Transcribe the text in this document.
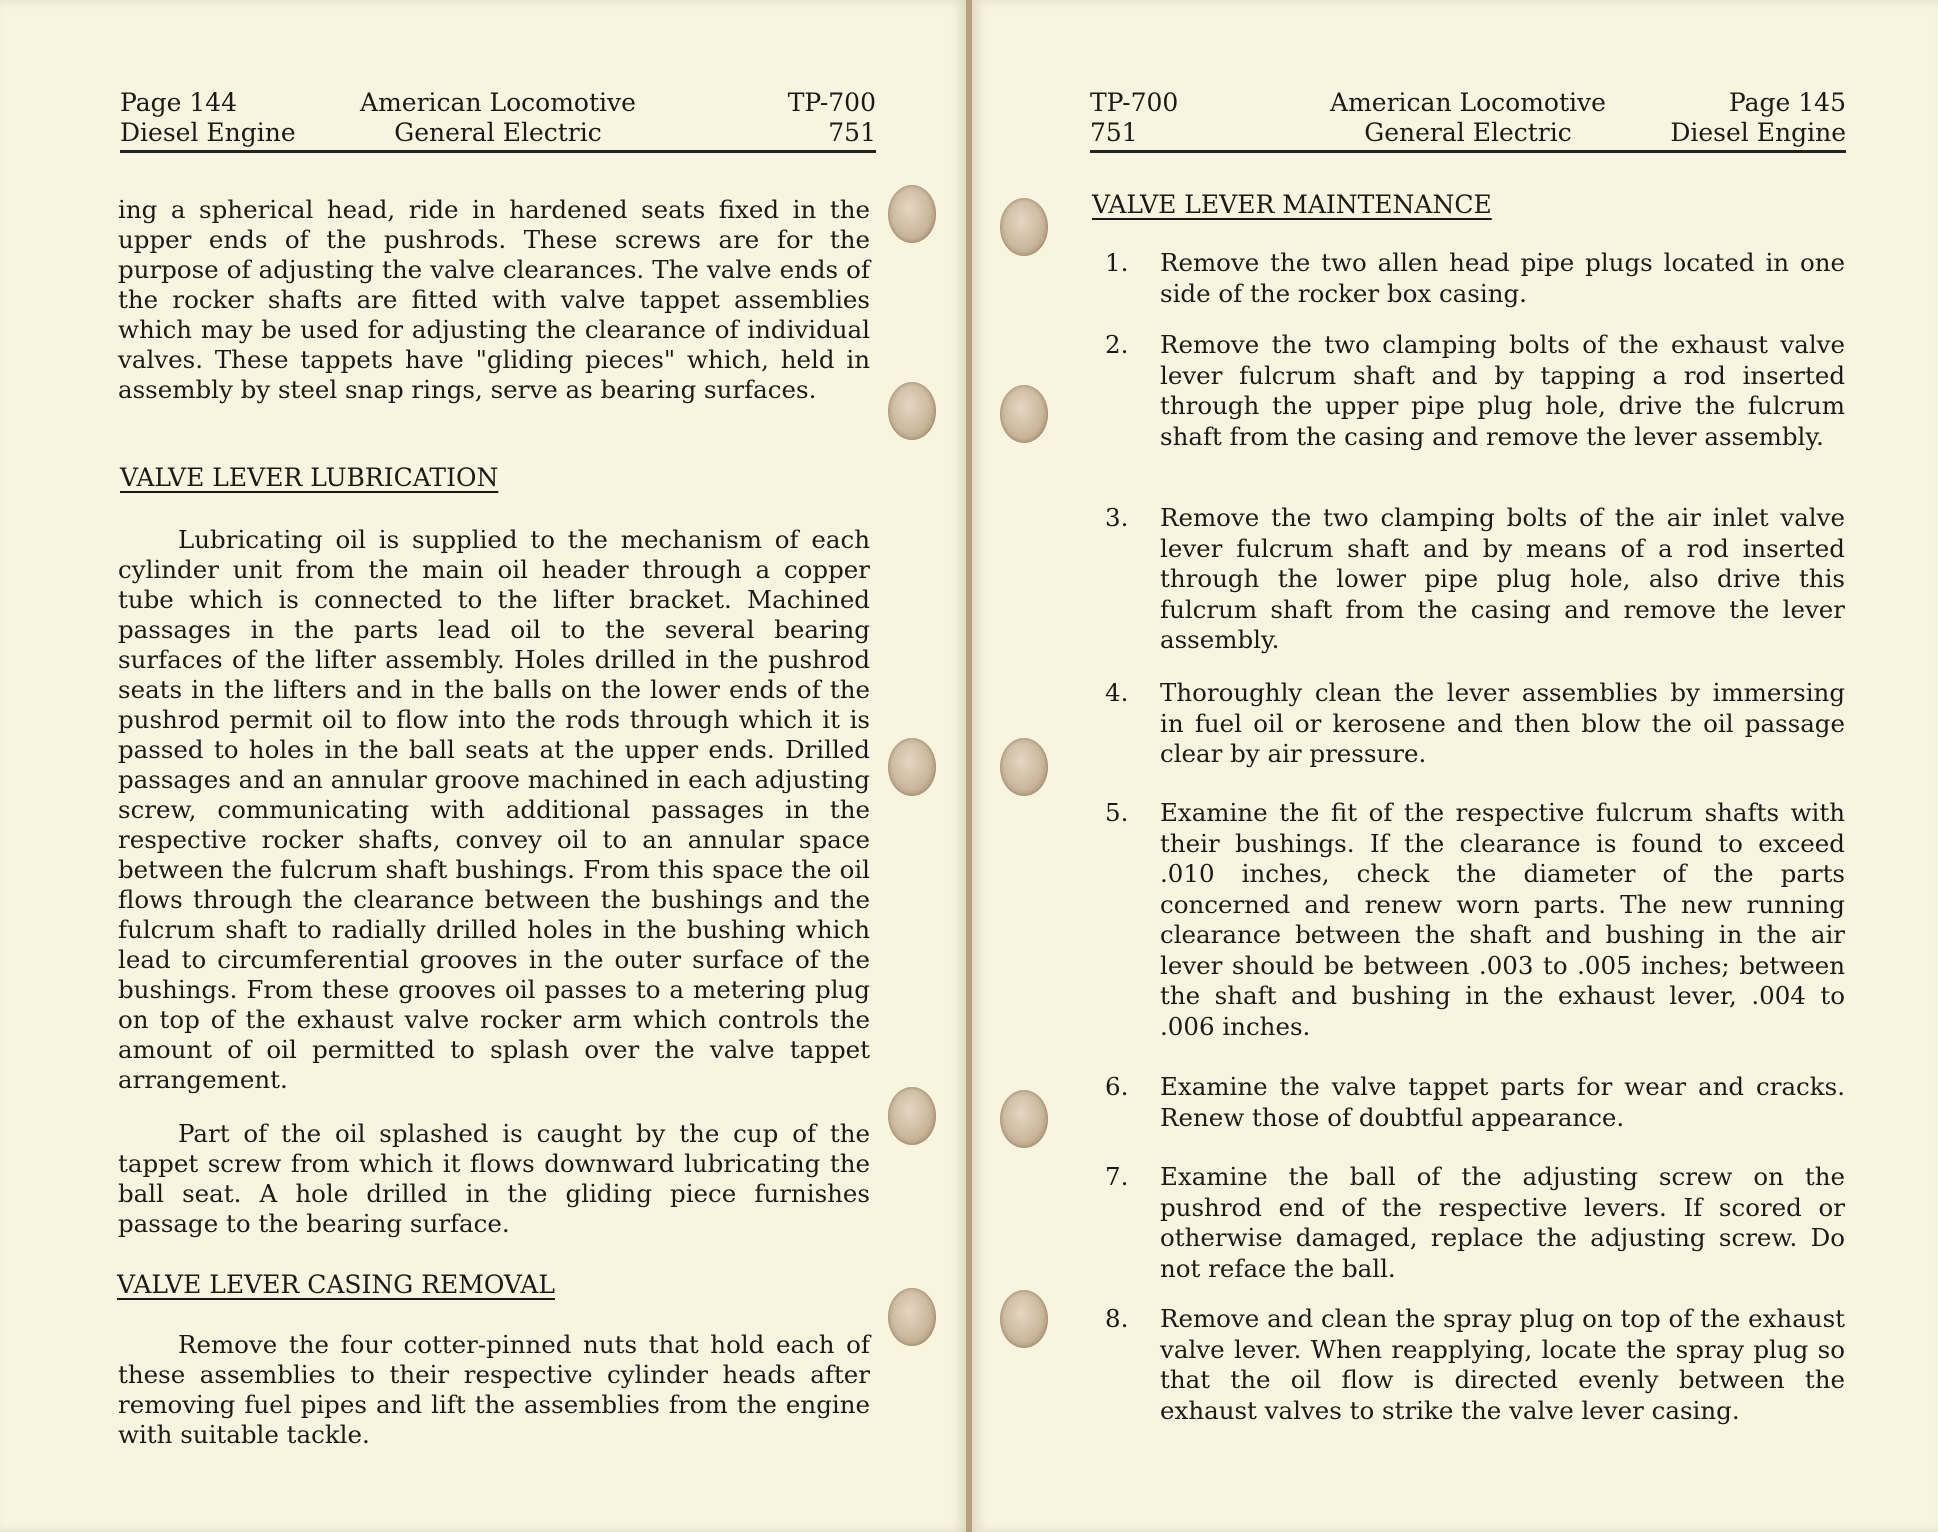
Page 144	American Locomotive	TP-700
Diesel Engine	General Electric	751

ing a spherical head, ride in hardened seats fixed in the upper ends of the pushrods. These screws are for the purpose of adjusting the valve clearances. The valve ends of the rocker shafts are fitted with valve tappet assemblies which may be used for adjusting the clearance of individual valves. These tappets have "gliding pieces" which, held in assembly by steel snap rings, serve as bearing surfaces.

VALVE LEVER LUBRICATION

Lubricating oil is supplied to the mechanism of each cylinder unit from the main oil header through a copper tube which is connected to the lifter bracket. Machined passages in the parts lead oil to the several bearing surfaces of the lifter assembly. Holes drilled in the pushrod seats in the lifters and in the balls on the lower ends of the pushrod permit oil to flow into the rods through which it is passed to holes in the ball seats at the upper ends. Drilled passages and an annular groove machined in each adjusting screw, communicating with additional passages in the respective rocker shafts, convey oil to an annular space between the fulcrum shaft bushings. From this space the oil flows through the clearance between the bushings and the fulcrum shaft to radially drilled holes in the bushing which lead to circumferential grooves in the outer surface of the bushings. From these grooves oil passes to a metering plug on top of the exhaust valve rocker arm which controls the amount of oil permitted to splash over the valve tappet arrangement.

Part of the oil splashed is caught by the cup of the tappet screw from which it flows downward lubricating the ball seat. A hole drilled in the gliding piece furnishes passage to the bearing surface.

VALVE LEVER CASING REMOVAL

Remove the four cotter-pinned nuts that hold each of these assemblies to their respective cylinder heads after removing fuel pipes and lift the assemblies from the engine with suitable tackle.

TP-700	American Locomotive	Page 145
751	General Electric	Diesel Engine
VALVE LEVER MAINTENANCE
1.	Remove the two allen head pipe plugs located in one side of the rocker box casing.

2.	Remove the two clamping bolts of the exhaust valve lever fulcrum shaft and by tapping a rod inserted through the upper pipe plug hole, drive the fulcrum shaft from the casing and remove the lever assembly.

3.	Remove the two clamping bolts of the air inlet valve lever fulcrum shaft and by means of a rod inserted through the lower pipe plug hole, also drive this fulcrum shaft from the casing and remove the lever assembly.

4.	Thoroughly clean the lever assemblies by immersing in fuel oil or kerosene and then blow the oil passage clear by air pressure.

5.	Examine the fit of the respective fulcrum shafts with their bushings. If the clearance is found to exceed .010 inches, check the diameter of the parts concerned and renew worn parts. The new running clearance between the shaft and bushing in the air lever should be between .003 to .005 inches; between the shaft and bushing in the exhaust lever, .004 to .006 inches.

6.	Examine the valve tappet parts for wear and cracks. Renew those of doubtful appearance.

7.	Examine the ball of the adjusting screw on the pushrod end of the respective levers. If scored or otherwise damaged, replace the adjusting screw. Do not reface the ball.

8.	Remove and clean the spray plug on top of the exhaust valve lever. When reapplying, locate the spray plug so that the oil flow is directed evenly between the exhaust valves to strike the valve lever casing.
